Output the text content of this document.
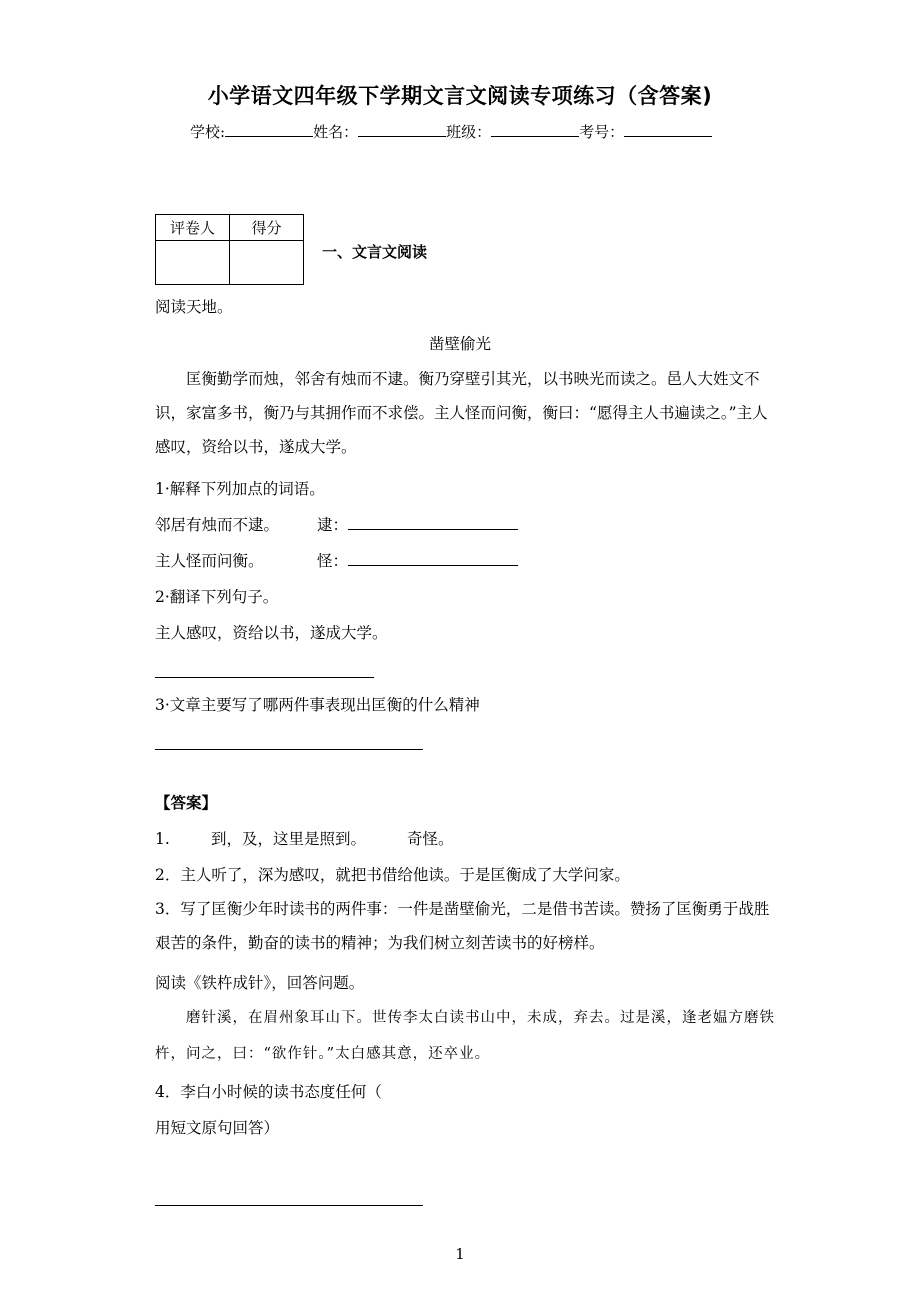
小学语文四年级下学期文言文阅读专项练习（含答案)
学校:	姓名：	班级：	考号：
评卷人	得分

一、文言文阅读
阅读天地。
凿壁偷光
匡衡勤学而烛，邻舍有烛而不逮。衡乃穿壁引其光，以书映光而读之。邑人大姓文不识，家富多书，衡乃与其拥作而不求偿。主人怪而问衡，衡曰：“愿得主人书遍读之。”主人感叹，资给以书，遂成大学。
1·解释下列加点的词语。
邻居有烛而不逮。 逮：
主人怪而问衡。	怪：
2·翻译下列句子。
主人感叹，资给以书，遂成大学。
3·文章主要写了哪两件事表现出匡衡的什么精神
【答案】
1.	到，及，这里是照到。	奇怪。
2．主人听了，深为感叹，就把书借给他读。于是匡衡成了大学问家。
3．写了匡衡少年时读书的两件事：一件是凿壁偷光，二是借书苦读。赞扬了匡衡勇于战胜艰苦的条件，勤奋的读书的精神；为我们树立刻苦读书的好榜样。
阅读《铁杵成针》，回答问题。
磨针溪，在眉州象耳山下。世传李太白读书山中，未成，弃去。过是溪，逢老媪方磨铁杵，问之，曰：“欲作针。”太白感其意，还卒业。
4．李白小时候的读书态度任何（
用短文原句回答）
1
